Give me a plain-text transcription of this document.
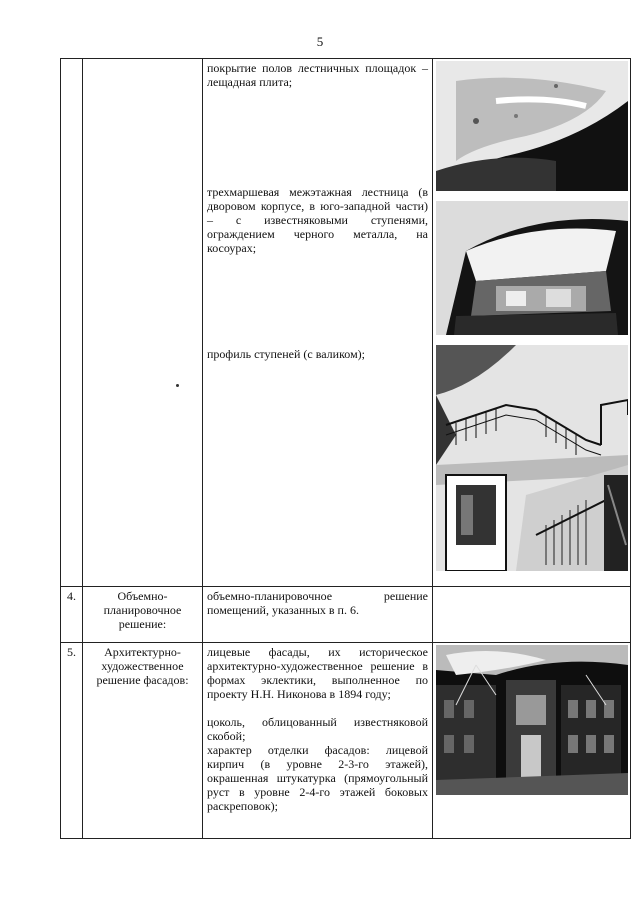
5

		покрытие полов лестничных площадок – лещадная плита;
трехмаршевая межэтажная лестница (в дворовом корпусе, в юго-западной части) – с известняковыми ступенями, ограждением черного металла, на косоурах;
профиль ступеней (с валиком);

4.	Объемно-планировочное решение:	объемно-планировочное решение помещений, указанных в п. 6.	
5.	Архитектурно-художественное решение фасадов:	лицевые фасады, их историческое архитектурно-художественное решение в формах эклектики, выполненное по проекту Н.Н. Никонова в 1894 году;
цоколь, облицованный известняковой скобой;
характер отделки фасадов: лицевой кирпич (в уровне 2-3-го этажей), окрашенная штукатурка (прямоугольный руст в уровне 2-4-го этажей боковых раскреповок);
